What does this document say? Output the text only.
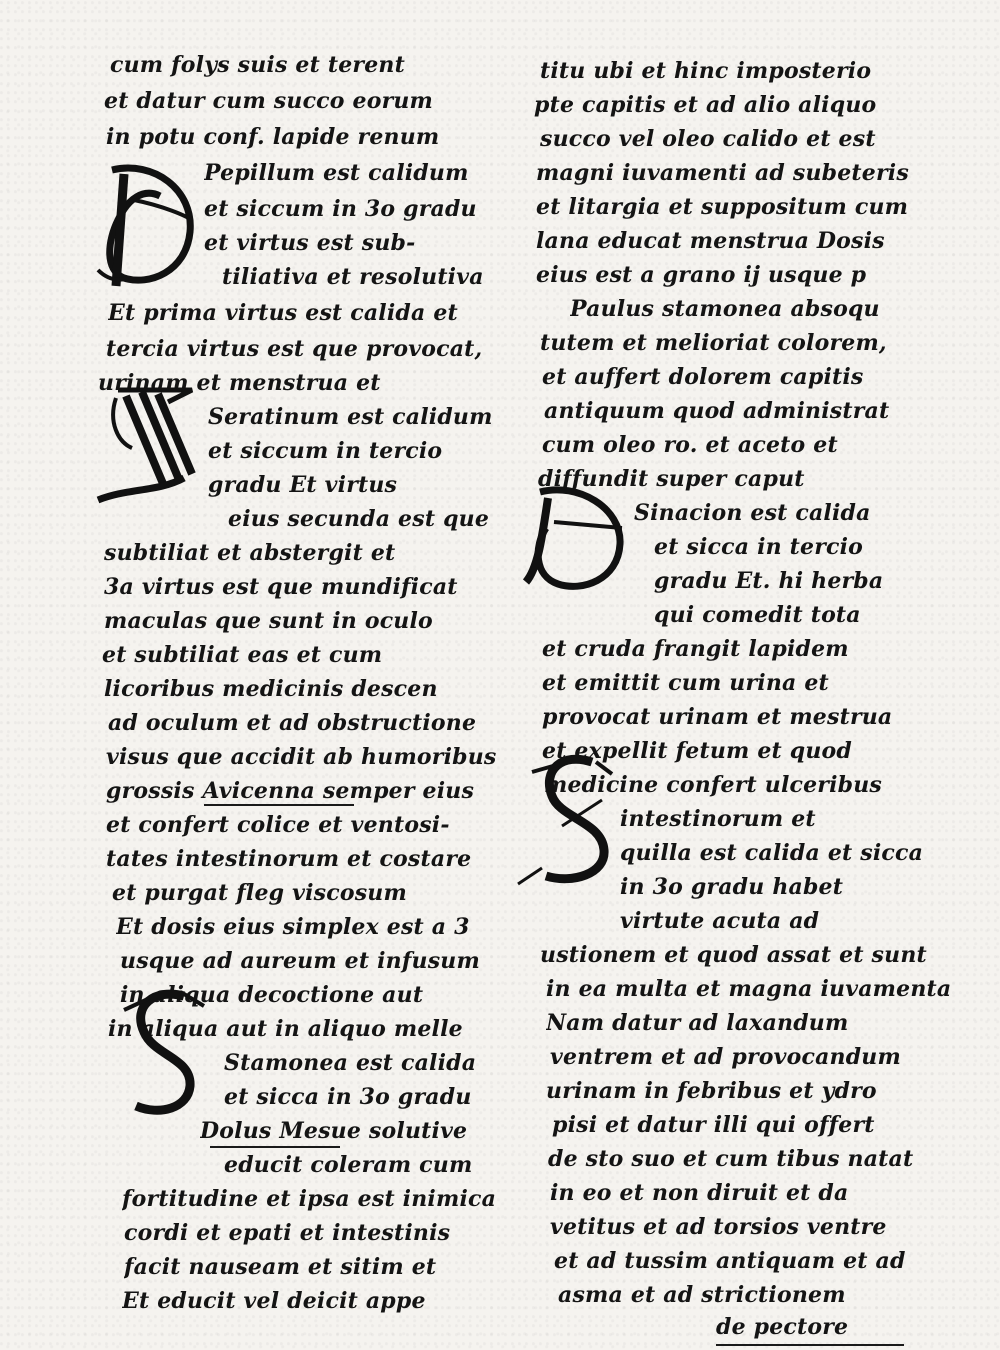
cum folys suis et terent
et datur cum succo eorum
in potu conf. lapide renum
Pepillum est calidum
et siccum in 3o gradu
et virtus est sub-
tiliativa et resolutiva
Et prima virtus est calida et
tercia virtus est que provocat,
urinam et menstrua et
Seratinum est calidum
et siccum in tercio
gradu Et virtus
eius secunda est que
subtiliat et abstergit et
3a virtus est que mundificat
maculas que sunt in oculo
et subtiliat eas et cum
licoribus medicinis descen
ad oculum et ad obstructione
visus que accidit ab humoribus
grossis Avicenna semper eius
et confert colice et ventosi-
tates intestinorum et costare
et purgat fleg viscosum
Et dosis eius simplex est a 3
usque ad aureum et infusum
in aliqua decoctione aut
in aliqua aut in aliquo melle
Stamonea est calida
et sicca in 3o gradu
Dolus Mesue solutive
educit coleram cum
fortitudine et ipsa est inimica
cordi et epati et intestinis
facit nauseam et sitim et
Et educit vel deicit appe
titu ubi et hinc imposterio
pte capitis et ad alio aliquo
succo vel oleo calido et est
magni iuvamenti ad subeteris
et litargia et suppositum cum
lana educat menstrua Dosis
eius est a grano ij usque p
Paulus stamonea absoqu
tutem et melioriat colorem,
et auffert dolorem capitis
antiquum quod administrat
cum oleo ro. et aceto et
diffundit super caput
Sinacion est calida
et sicca in tercio
gradu Et. hi herba
qui comedit tota
et cruda frangit lapidem
et emittit cum urina et
provocat urinam et mestrua
et expellit fetum et quod
medicine confert ulceribus
intestinorum et
quilla est calida et sicca
in 3o gradu habet
virtute acuta ad
ustionem et quod assat et sunt
in ea multa et magna iuvamenta
Nam datur ad laxandum
ventrem et ad provocandum
urinam in febribus et ydro
pisi et datur illi qui offert
de sto suo et cum tibus natat
in eo et non diruit et da
vetitus et ad torsios ventre
et ad tussim antiquam et ad
asma et ad strictionem
de pectore
